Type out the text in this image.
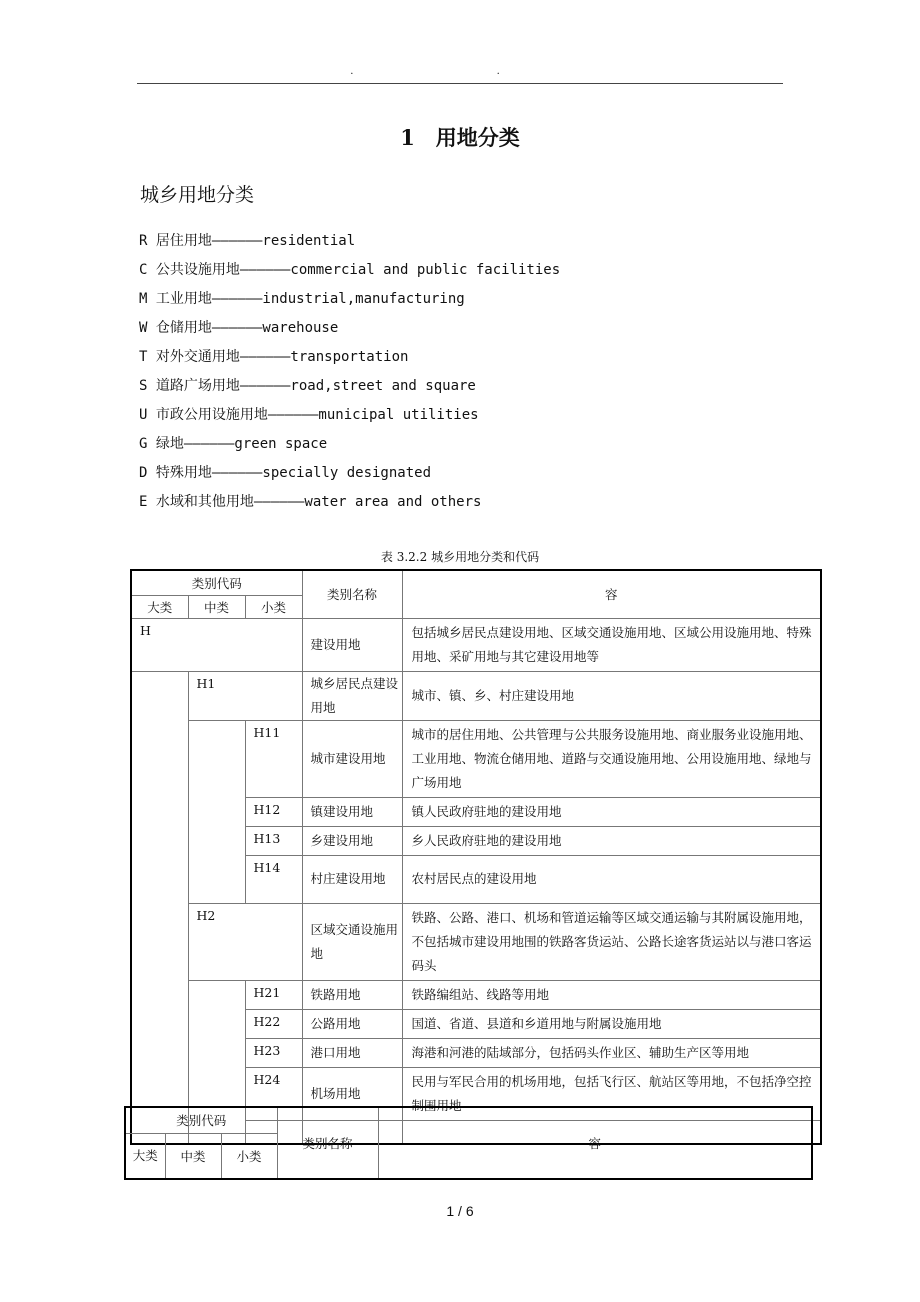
. .
1　用地分类
城乡用地分类
R 居住用地——————residential
C 公共设施用地——————commercial and public facilities
M 工业用地——————industrial,manufacturing
W 仓储用地——————warehouse
T 对外交通用地——————transportation
S 道路广场用地——————road,street and square
U 市政公用设施用地——————municipal utilities
G 绿地——————green space
D 特殊用地——————specially designated
E 水域和其他用地——————water area and others
表 3.2.2 城乡用地分类和代码
类别代码			类别名称	容
大类	中类	小类		
H			建设用地	包括城乡居民点建设用地、区域交通设施用地、区域公用设施用地、特殊用地、采矿用地与其它建设用地等
	H1		城乡居民点建设用地	城市、镇、乡、村庄建设用地
		H11	城市建设用地	城市的居住用地、公共管理与公共服务设施用地、商业服务业设施用地、工业用地、物流仓储用地、道路与交通设施用地、公用设施用地、绿地与广场用地
		H12	镇建设用地	镇人民政府驻地的建设用地
		H13	乡建设用地	乡人民政府驻地的建设用地
		H14	村庄建设用地	农村居民点的建设用地
	H2		区域交通设施用地	铁路、公路、港口、机场和管道运输等区域交通运输与其附属设施用地，不包括城市建设用地围的铁路客货运站、公路长途客货运站以与港口客运码头
		H21	铁路用地	铁路编组站、线路等用地
		H22	公路用地	国道、省道、县道和乡道用地与附属设施用地
		H23	港口用地	海港和河港的陆域部分，包括码头作业区、辅助生产区等用地
		H24	机场用地	民用与军民合用的机场用地，包括飞行区、航站区等用地，不包括净空控制围用地

类别代码			类别名称	容
大类	中类	小类		
1 / 6
